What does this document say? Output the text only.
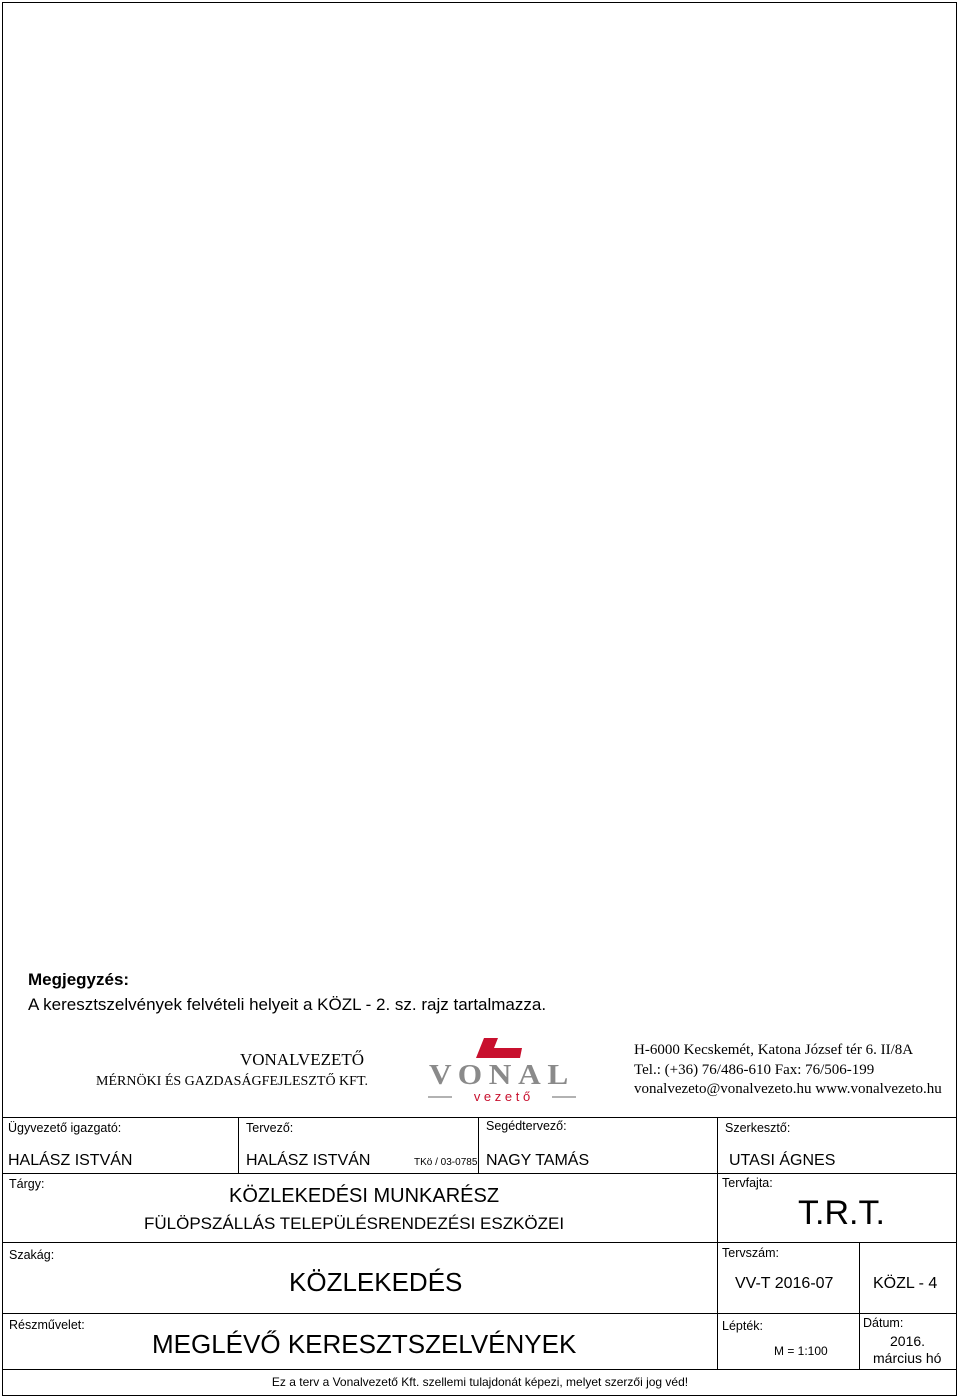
Megjegyzés:
A keresztszelvények felvételi helyeit a KÖZL - 2. sz. rajz tartalmazza.
VONALVEZETŐ
MÉRNÖKI ÉS GAZDASÁGFEJLESZTŐ KFT. VONAL
v e z e t ő
H-6000 Kecskemét, Katona József tér 6. II/8A
Tel.: (+36) 76/486-610 Fax: 76/506-199
vonalvezeto@vonalvezeto.hu www.vonalvezeto.hu
Ügyvezető igazgató:
HALÁSZ ISTVÁN
Tervező:
HALÁSZ ISTVÁN	TKö / 03-0785
Segédtervező:
NAGY TAMÁS
Szerkesztő:
UTASI ÁGNES
Tárgy:
KÖZLEKEDÉSI MUNKARÉSZ
FÜLÖPSZÁLLÁS TELEPÜLÉSRENDEZÉSI ESZKÖZEI
Tervfajta:
T.R.T.
Szakág:
KÖZLEKEDÉS
Tervszám:
VV-T 2016-07 KÖZL - 4
Részművelet:
MEGLÉVŐ KERESZTSZELVÉNYEK
Lépték:
M = 1:100
Dátum:
2016.
március hó
Ez a terv a Vonalvezető Kft. szellemi tulajdonát képezi, melyet szerzői jog véd!
